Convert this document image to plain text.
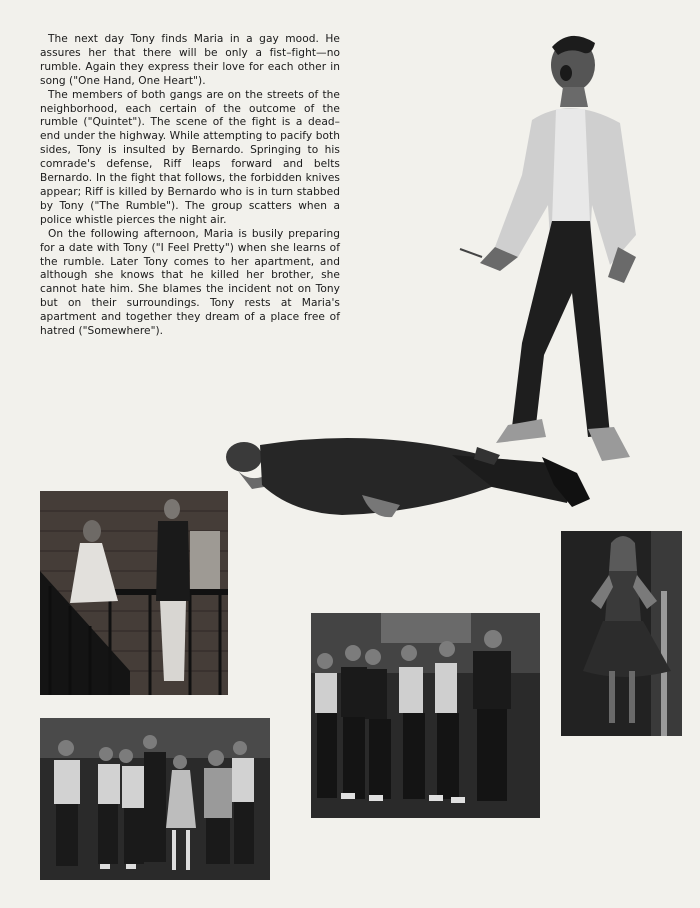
The next day Tony finds Maria in a gay mood. He assures her that there will be only a fist–fight—no rumble. Again they express their love for each other in song ("One Hand, One Heart").

The members of both gangs are on the streets of the neighborhood, each certain of the outcome of the rumble ("Quintet"). The scene of the fight is a dead–end under the highway. While attempting to pacify both sides, Tony is insulted by Bernardo. Springing to his comrade's defense, Riff leaps forward and belts Bernardo. In the fight that follows, the forbidden knives appear; Riff is killed by Bernardo who is in turn stabbed by Tony ("The Rumble"). The group scatters when a police whistle pierces the night air.

On the following afternoon, Maria is busily preparing for a date with Tony ("I Feel Pretty") when she learns of the rumble. Later Tony comes to her apartment, and although she knows that he killed her brother, she cannot hate him. She blames the incident not on Tony but on their surroundings. Tony rests at Maria's apartment and together they dream of a place free of hatred ("Somewhere").
